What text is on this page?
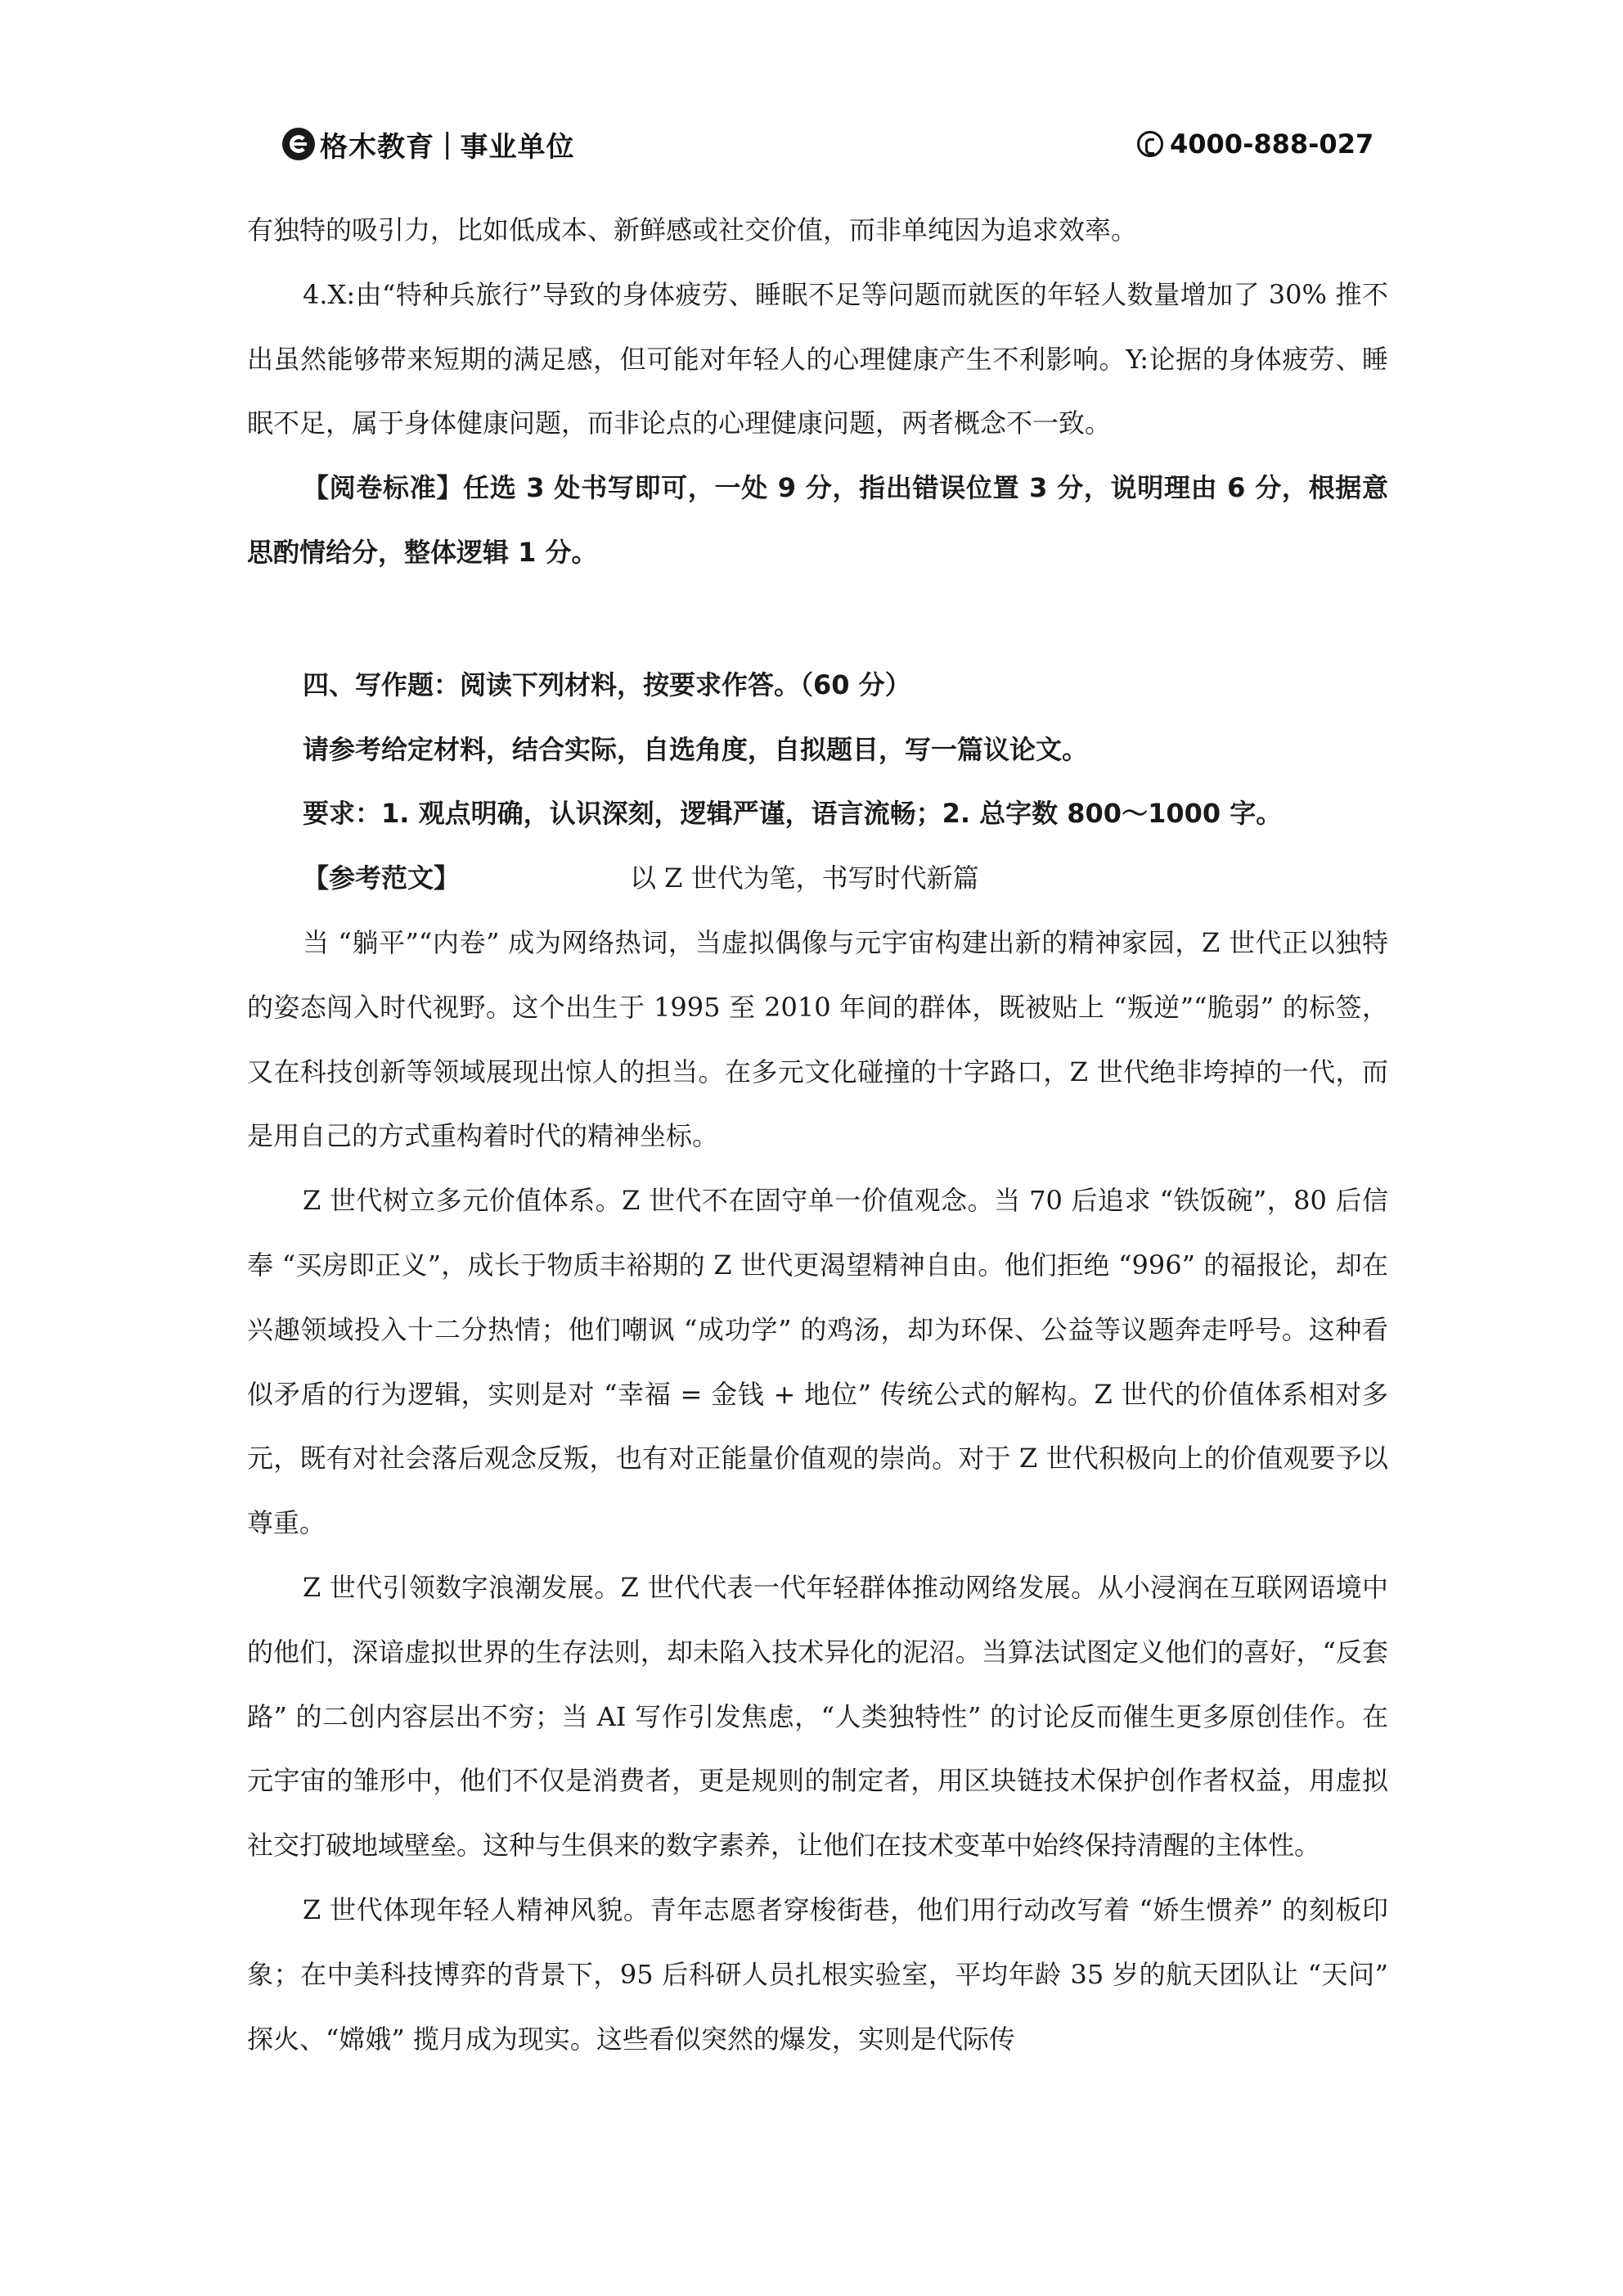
格木教育 | 事业单位	4000-888-027

有独特的吸引力，比如低成本、新鲜感或社交价值，而非单纯因为追求效率。

4.X:由“特种兵旅行”导致的身体疲劳、睡眠不足等问题而就医的年轻人数量增加了 30% 推不出虽然能够带来短期的满足感，但可能对年轻人的心理健康产生不利影响。Y:论据的身体疲劳、睡眠不足，属于身体健康问题，而非论点的心理健康问题，两者概念不一致。

【阅卷标准】任选 3 处书写即可，一处 9 分，指出错误位置 3 分，说明理由 6 分，根据意思酌情给分，整体逻辑 1 分。

四、写作题：阅读下列材料，按要求作答。（60 分）

请参考给定材料，结合实际，自选角度，自拟题目，写一篇议论文。

要求：1. 观点明确，认识深刻，逻辑严谨，语言流畅；2. 总字数 800～1000 字。

【参考范文】	以 Z 世代为笔，书写时代新篇

当 “躺平”“内卷” 成为网络热词，当虚拟偶像与元宇宙构建出新的精神家园，Z 世代正以独特的姿态闯入时代视野。这个出生于 1995 至 2010 年间的群体，既被贴上 “叛逆”“脆弱” 的标签，又在科技创新等领域展现出惊人的担当。在多元文化碰撞的十字路口，Z 世代绝非垮掉的一代，而是用自己的方式重构着时代的精神坐标。

Z 世代树立多元价值体系。Z 世代不在固守单一价值观念。当 70 后追求 “铁饭碗”，80 后信奉 “买房即正义”，成长于物质丰裕期的 Z 世代更渴望精神自由。他们拒绝 “996” 的福报论，却在兴趣领域投入十二分热情；他们嘲讽 “成功学” 的鸡汤，却为环保、公益等议题奔走呼号。这种看似矛盾的行为逻辑，实则是对 “幸福 = 金钱 + 地位” 传统公式的解构。Z 世代的价值体系相对多元，既有对社会落后观念反叛，也有对正能量价值观的崇尚。对于 Z 世代积极向上的价值观要予以尊重。

Z 世代引领数字浪潮发展。Z 世代代表一代年轻群体推动网络发展。从小浸润在互联网语境中的他们，深谙虚拟世界的生存法则，却未陷入技术异化的泥沼。当算法试图定义他们的喜好，“反套路” 的二创内容层出不穷；当 AI 写作引发焦虑，“人类独特性” 的讨论反而催生更多原创佳作。在元宇宙的雏形中，他们不仅是消费者，更是规则的制定者，用区块链技术保护创作者权益，用虚拟社交打破地域壁垒。这种与生俱来的数字素养，让他们在技术变革中始终保持清醒的主体性。

Z 世代体现年轻人精神风貌。青年志愿者穿梭街巷，他们用行动改写着 “娇生惯养” 的刻板印象；在中美科技博弈的背景下，95 后科研人员扎根实验室，平均年龄 35 岁的航天团队让 “天问” 探火、“嫦娥” 揽月成为现实。这些看似突然的爆发，实则是代际传
